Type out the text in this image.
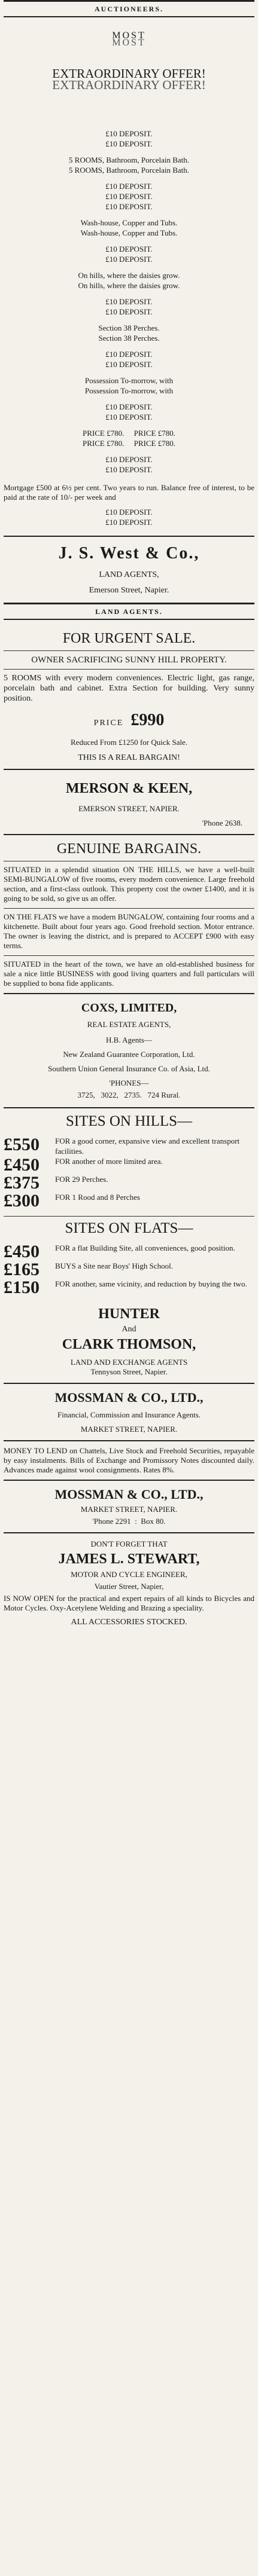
AUCTIONEERS.
MOST
MOST
EXTRAORDINARY OFFER!
EXTRAORDINARY OFFER!
£10 DEPOSIT.
£10 DEPOSIT.
5 ROOMS, Bathroom, Porcelain Bath.
5 ROOMS, Bathroom, Porcelain Bath.
£10 DEPOSIT.
£10 DEPOSIT.
£10 DEPOSIT.
Wash-house, Copper and Tubs.
Wash-house, Copper and Tubs.
£10 DEPOSIT.
£10 DEPOSIT.
On hills, where the daisies grow.
On hills, where the daisies grow.
£10 DEPOSIT.
£10 DEPOSIT.
Section 38 Perches.
Section 38 Perches.
£10 DEPOSIT.
£10 DEPOSIT.
Possession To-morrow, with
Possession To-morrow, with
£10 DEPOSIT.
£10 DEPOSIT.
PRICE £780.     PRICE £780.
PRICE £780.     PRICE £780.
£10 DEPOSIT.
£10 DEPOSIT.

Mortgage £500 at 6½ per cent. Two years to run. Balance free of interest, to be paid at the rate of 10/- per week and

£10 DEPOSIT.
£10 DEPOSIT.
J. S. West & Co.,
LAND AGENTS,
Emerson Street, Napier.
LAND AGENTS.
FOR URGENT SALE.
OWNER SACRIFICING SUNNY HILL PROPERTY.

5 ROOMS with every modern conveniences. Electric light, gas range, porcelain bath and cabinet. Extra Section for building. Very sunny position.

PRICE £990
Reduced From £1250 for Quick Sale.
THIS IS A REAL BARGAIN!
MERSON & KEEN,
EMERSON STREET, NAPIER.
'Phone 2638.
GENUINE BARGAINS.

SITUATED in a splendid situation ON THE HILLS, we have a well-built SEMI-BUNGALOW of five rooms, every modern convenience. Large freehold section, and a first-class outlook. This property cost the owner £1400, and it is going to be sold, so give us an offer.

ON THE FLATS we have a modern BUNGALOW, containing four rooms and a kitchenette. Built about four years ago. Good freehold section. Motor entrance. The owner is leaving the district, and is prepared to ACCEPT £900 with easy terms.

SITUATED in the heart of the town, we have an old-established business for sale a nice little BUSINESS with good living quarters and full particulars will be supplied to bona fide applicants.

COXS, LIMITED,
REAL ESTATE AGENTS,
H.B. Agents—
New Zealand Guarantee Corporation, Ltd.
Southern Union General Insurance Co. of Asia, Ltd.
'PHONES—
3725,   3022,   2735.   724 Rural.
SITES ON HILLS—
£550	FOR a good corner, expansive view and excellent transport facilities.
£450	FOR another of more limited area.
£375	FOR 29 Perches.
£300	FOR 1 Rood and 8 Perches
SITES ON FLATS—
£450	FOR a flat Building Site, all conveniences, good position.
£165	BUYS a Site near Boys' High School.
£150	FOR another, same vicinity, and reduction by buying the two.
HUNTER
And
CLARK THOMSON,
LAND AND EXCHANGE AGENTS
Tennyson Street, Napier.
MOSSMAN & CO., LTD.,
Financial, Commission and Insurance Agents.
MARKET STREET, NAPIER.

MONEY TO LEND on Chattels, Live Stock and Freehold Securities, repayable by easy instalments. Bills of Exchange and Promissory Notes discounted daily. Advances made against wool consignments. Rates 8%.

MOSSMAN & CO., LTD.,
MARKET STREET, NAPIER.
'Phone 2291  :  Box 80.
DON'T FORGET THAT
JAMES L. STEWART,
MOTOR AND CYCLE ENGINEER,
Vautier Street, Napier,

IS NOW OPEN for the practical and expert repairs of all kinds to Bicycles and Motor Cycles. Oxy-Acetylene Welding and Brazing a speciality.

ALL ACCESSORIES STOCKED.
